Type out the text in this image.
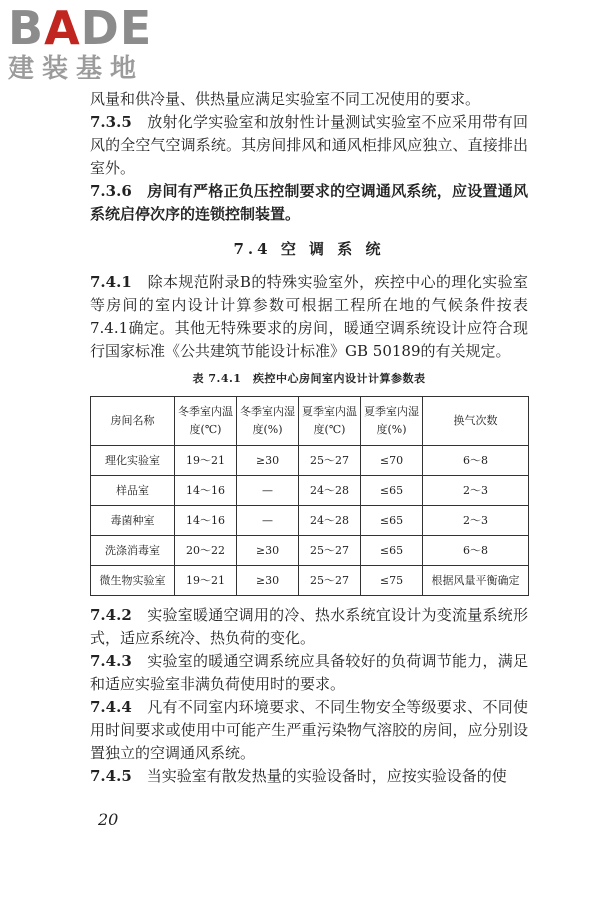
BADE
建装基地

风量和供冷量、供热量应满足实验室不同工况使用的要求。

7.3.5　 放射化学实验室和放射性计量测试实验室不应采用带有回风的全空气空调系统。其房间排风和通风柜排风应独立、直接排出室外。

7.3.6　 房间有严格正负压控制要求的空调通风系统，应设置通风系统启停次序的连锁控制装置。

7.4 空 调 系 统

7.4.1　 除本规范附录B的特殊实验室外，疾控中心的理化实验室等房间的室内设计计算参数可根据工程所在地的气候条件按表7.4.1确定。其他无特殊要求的房间，暖通空调系统设计应符合现行国家标准《公共建筑节能设计标准》GB 50189的有关规定。

表 7.4.1　疾控中心房间室内设计计算参数表
房间名称	冬季室内温度(℃)	冬季室内湿度(%)	夏季室内温度(℃)	夏季室内湿度(%)	换气次数
理化实验室	19～21	≥30	25～27	≤70	6～8
样品室	14～16	—	24～28	≤65	2～3
毒菌种室	14～16	—	24～28	≤65	2～3
洗涤消毒室	20～22	≥30	25～27	≤65	6～8
微生物实验室	19～21	≥30	25～27	≤75	根据风量平衡确定

7.4.2　 实验室暖通空调用的冷、热水系统宜设计为变流量系统形式，适应系统冷、热负荷的变化。

7.4.3　 实验室的暖通空调系统应具备较好的负荷调节能力，满足和适应实验室非满负荷使用时的要求。

7.4.4　 凡有不同室内环境要求、不同生物安全等级要求、不同使用时间要求或使用中可能产生严重污染物气溶胶的房间，应分别设置独立的空调通风系统。

7.4.5　 当实验室有散发热量的实验设备时，应按实验设备的使

20
